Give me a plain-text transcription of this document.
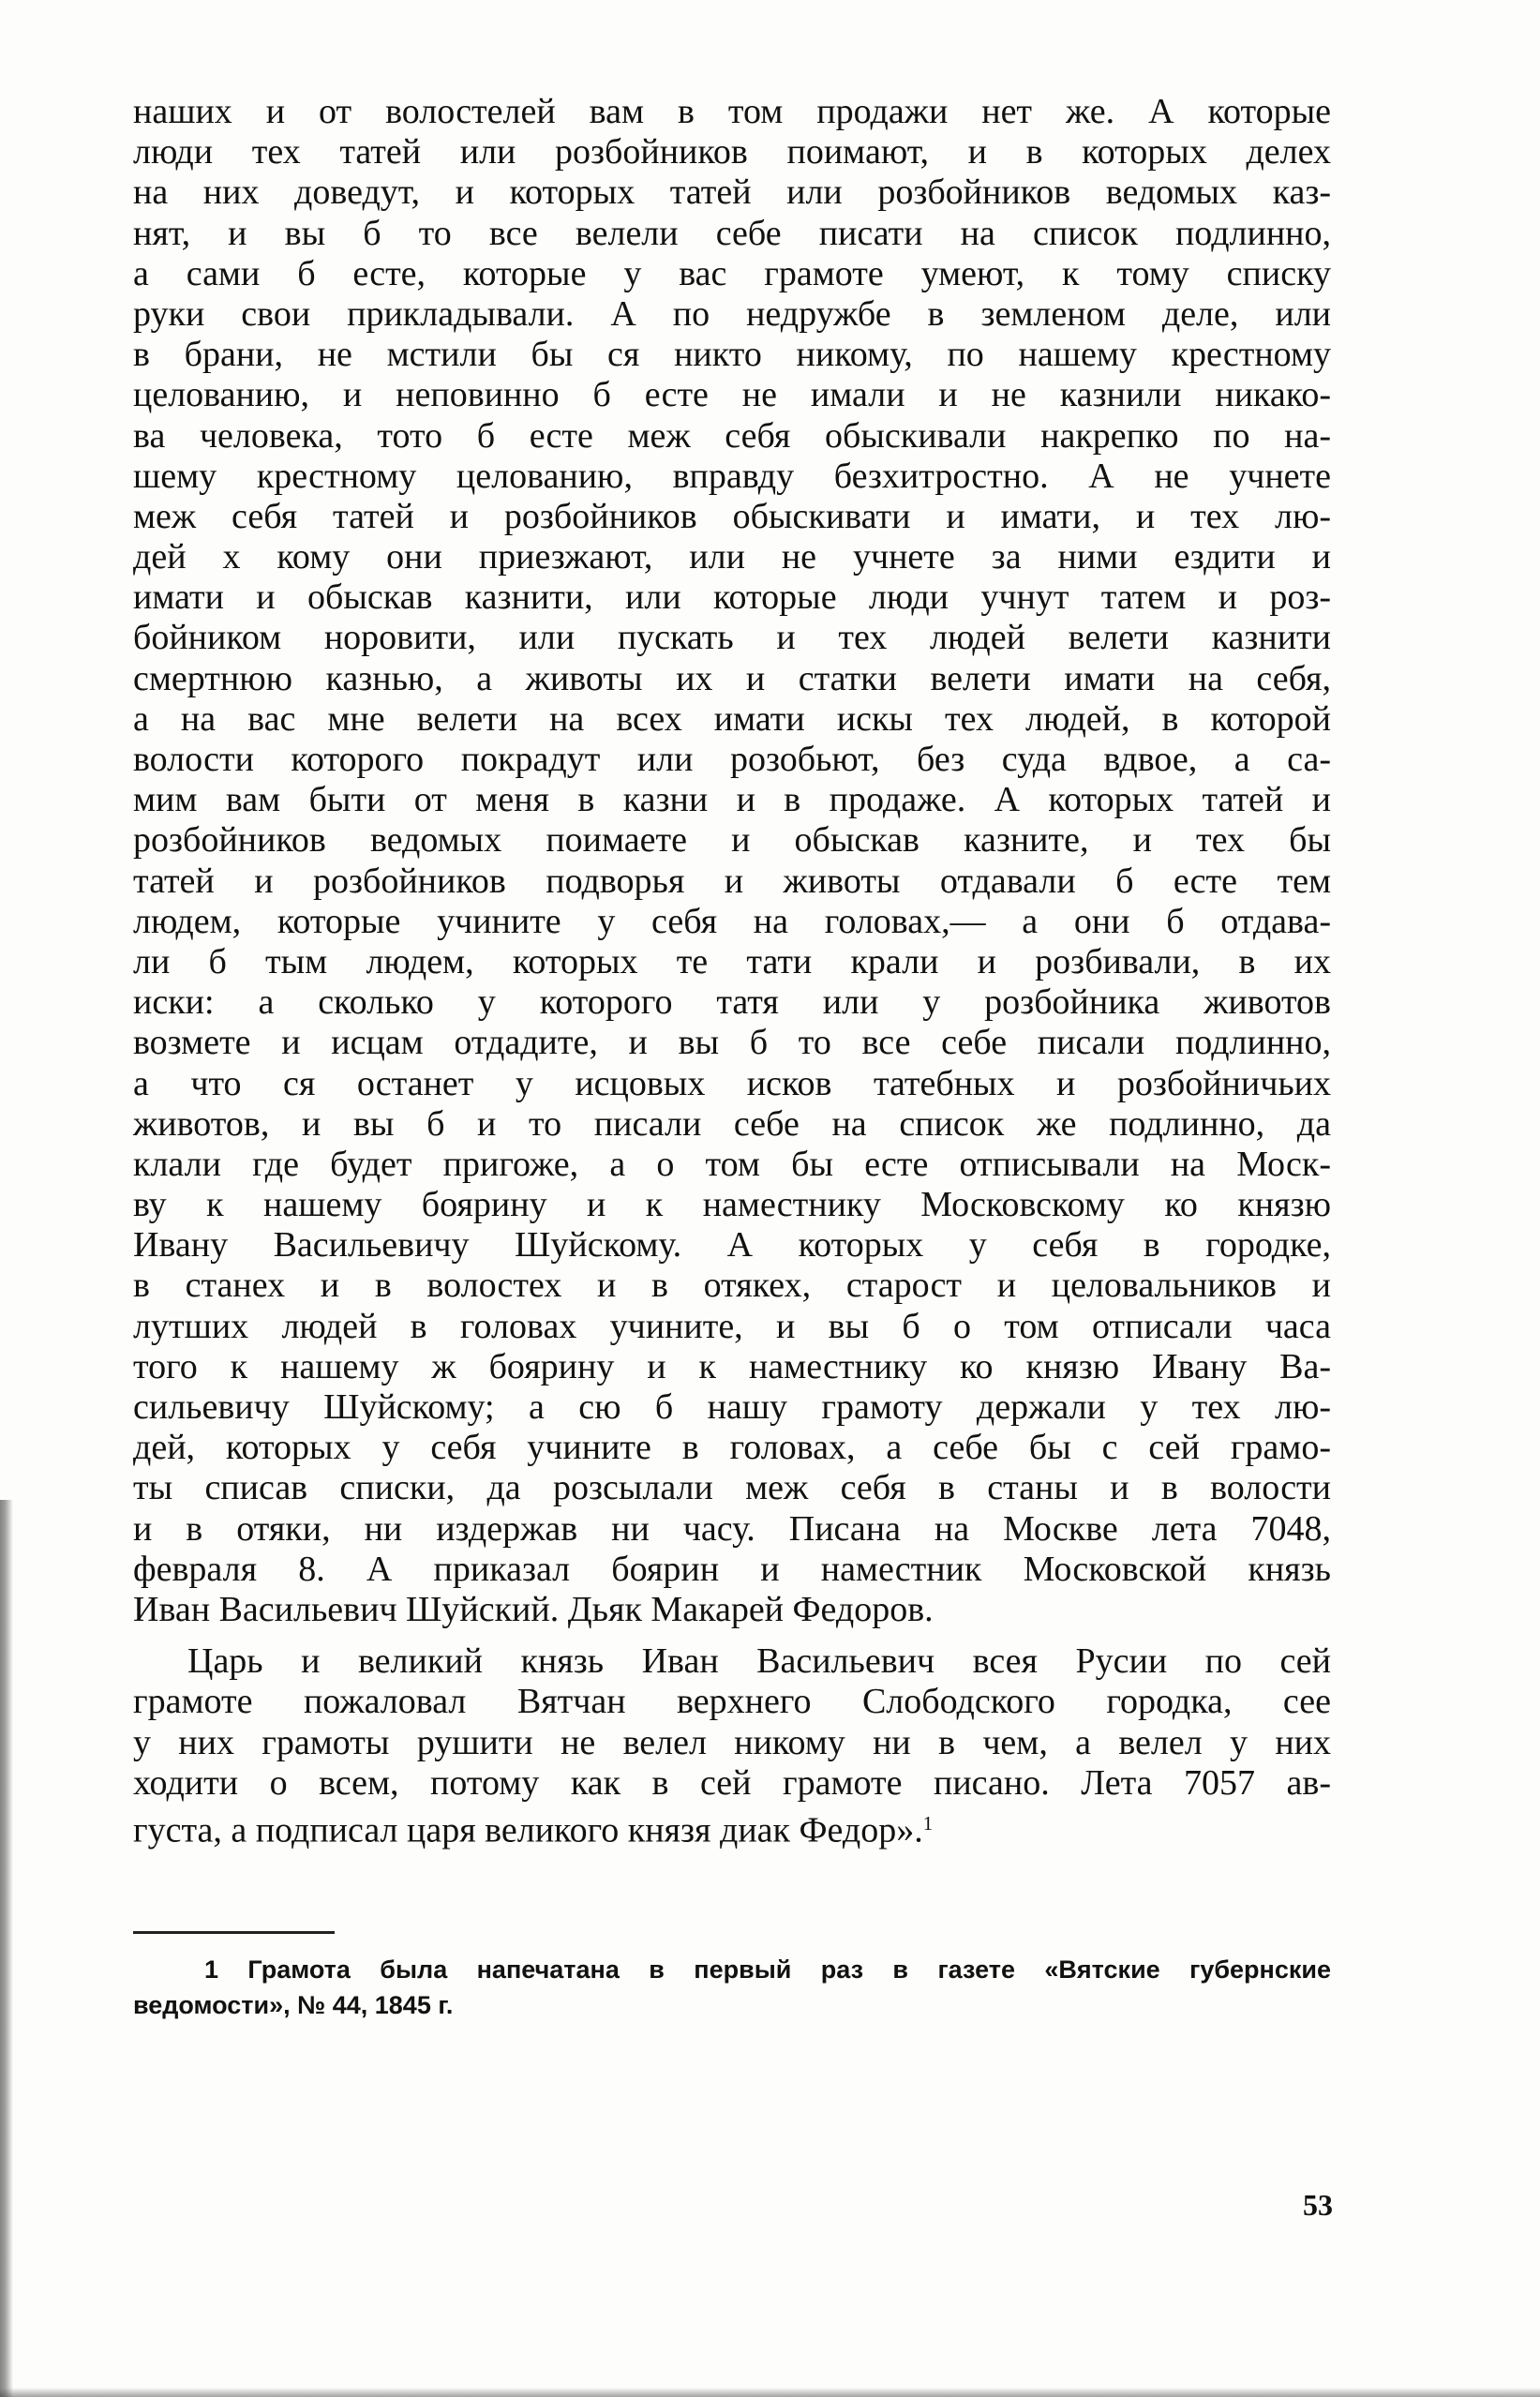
наших и от волостелей вам в том продажи нет же. А которые
люди тех татей или розбойников поимают, и в которых делех
на них доведут, и которых татей или розбойников ведомых каз-
нят, и вы б то все велели себе писати на список подлинно,
а сами б есте, которые у вас грамоте умеют, к тому списку
руки свои прикладывали. А по недружбе в земленом деле, или
в брани, не мстили бы ся никто никому, по нашему крестному
целованию, и неповинно б есте не имали и не казнили никако-
ва человека, тото б есте меж себя обыскивали накрепко по на-
шему крестному целованию, вправду безхитростно. А не учнете
меж себя татей и розбойников обыскивати и имати, и тех лю-
дей х кому они приезжают, или не учнете за ними ездити и
имати и обыскав казнити, или которые люди учнут татем и роз-
бойником норовити, или пускать и тех людей велети казнити
смертнюю казнью, а животы их и статки велети имати на себя,
а на вас мне велети на всех имати искы тех людей, в которой
волости которого покрадут или розобьют, без суда вдвое, а са-
мим вам быти от меня в казни и в продаже. А которых татей и
розбойников ведомых поимаете и обыскав казните, и тех бы
татей и розбойников подворья и животы отдавали б есте тем
людем, которые учините у себя на головах,— а они б отдава-
ли б тым людем, которых те тати крали и розбивали, в их
иски: а сколько у которого татя или у розбойника животов
возмете и исцам отдадите, и вы б то все себе писали подлинно,
а что ся останет у исцовых исков татебных и розбойничьих
животов, и вы б и то писали себе на список же подлинно, да
клали где будет пригоже, а о том бы есте отписывали на Моск-
ву к нашему боярину и к наместнику Московскому ко князю
Ивану Васильевичу Шуйскому. А которых у себя в городке,
в станех и в волостех и в отякех, старост и целовальников и
лутших людей в головах учините, и вы б о том отписали часа
того к нашему ж боярину и к наместнику ко князю Ивану Ва-
сильевичу Шуйскому; а сю б нашу грамоту держали у тех лю-
дей, которых у себя учините в головах, а себе бы с сей грамо-
ты списав списки, да розсылали меж себя в станы и в волости
и в отяки, ни издержав ни часу. Писана на Москве лета 7048,
февраля 8. А приказал боярин и наместник Московской князь
Иван Васильевич Шуйский. Дьяк Макарей Федоров.
Царь и великий князь Иван Васильевич всея Русии по сей
грамоте пожаловал Вятчан верхнего Слободского городка, сее
у них грамоты рушити не велел никому ни в чем, а велел у них
ходити о всем, потому как в сей грамоте писано. Лета 7057 ав-
густа, а подписал царя великого князя диак Федор».$^1$
1 Грамота была напечатана в первый раз в газете «Вятские губернские
ведомости», № 44, 1845 г.
53
